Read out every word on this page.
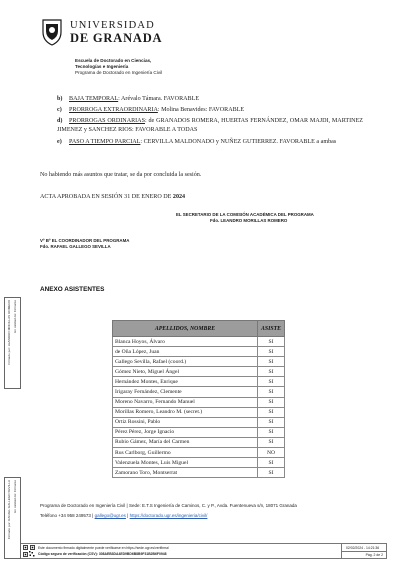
UNIVERSIDAD
DE GRANADA
Escuela de Doctorado en Ciencias,
Tecnologías e Ingeniería
Programa de Doctorado en Ingeniería Civil
b) BAJA TEMPORAL: Arévalo Támara. FAVORABLE
c) PRORROGA EXTRAORDINARIA: Molina Benavides: FAVORABLE
d) PRORROGAS ORDINARIAS: de GRANADOS ROMERA, HUERTAS FERNÁNDEZ, OMAR MAJDI, MARTINEZ JIMENEZ y SANCHEZ RIOS: FAVORABLE A TODAS
e) PASO A TIEMPO PARCIAL: CERVILLA MALDONADO y NUÑEZ GUTIERREZ. FAVORABLE a ambas
No habiendo más asuntos que tratar, se da por concluida la sesión.
ACTA APROBADA EN SESIÓN 31 DE ENERO DE 2024
EL SECRETARIO DE LA COMISIÓN ACADÉMICA DEL PROGRAMA
Fdo. LEANDRO MORILLAS ROMERO
Vº Bº EL COORDINADOR DEL PROGRAMA
Fdo. RAFAEL GALLEGO SEVILLA
ANEXO ASISTENTES
APELLIDOS, NOMBRE	ASISTE
Blanca Hoyos, Álvaro	SI
de Oña López, Juan	SI
Gallego Sevilla, Rafael (coord.)	SI
Gómez Nieto, Miguel Ángel	SI
Hernández Montes, Enrique	SI
Irigaray Fernández, Clemente	SI
Moreno Navarro, Fernando Manuel	SI
Morillas Romero, Leandro M. (secret.)	SI
Ortiz Rossini, Pablo	SI
Pérez Pérez, Jorge Ignacio	SI
Rubio Gámez, María del Carmen	SI
Rus Carlborg, Guillermo	NO
Valenzuela Montes, Luis Miguel	SI
Zamorano Toro, Montserrat	SI
Programa de Doctorado en Ingeniería Civil | Sede: E.T.S Ingeniería de Caminos, C. y P., Avda. Fuentenueva s/n, 18071 Granada
Teléfono +34 958 249573 | gallego@ugr.es | https://doctorado.ugr.es/ingenieria/civil/
Este documento firmado digitalmente puede verificarse en https://sede.ugr.es/verifirma/
Código seguro de verificación (CSV): 308AEB3DA4ED9BD6B8B9F31B2B6F0948
02/02/2024 - 14:21:36
Pág. 2 de 2
Firmado por: LEANDRO MORILLAS ROMERO En calidad de: Firmante
Firmado por: RAFAEL GALLEGO SEVILLA En calidad de: Firmante
